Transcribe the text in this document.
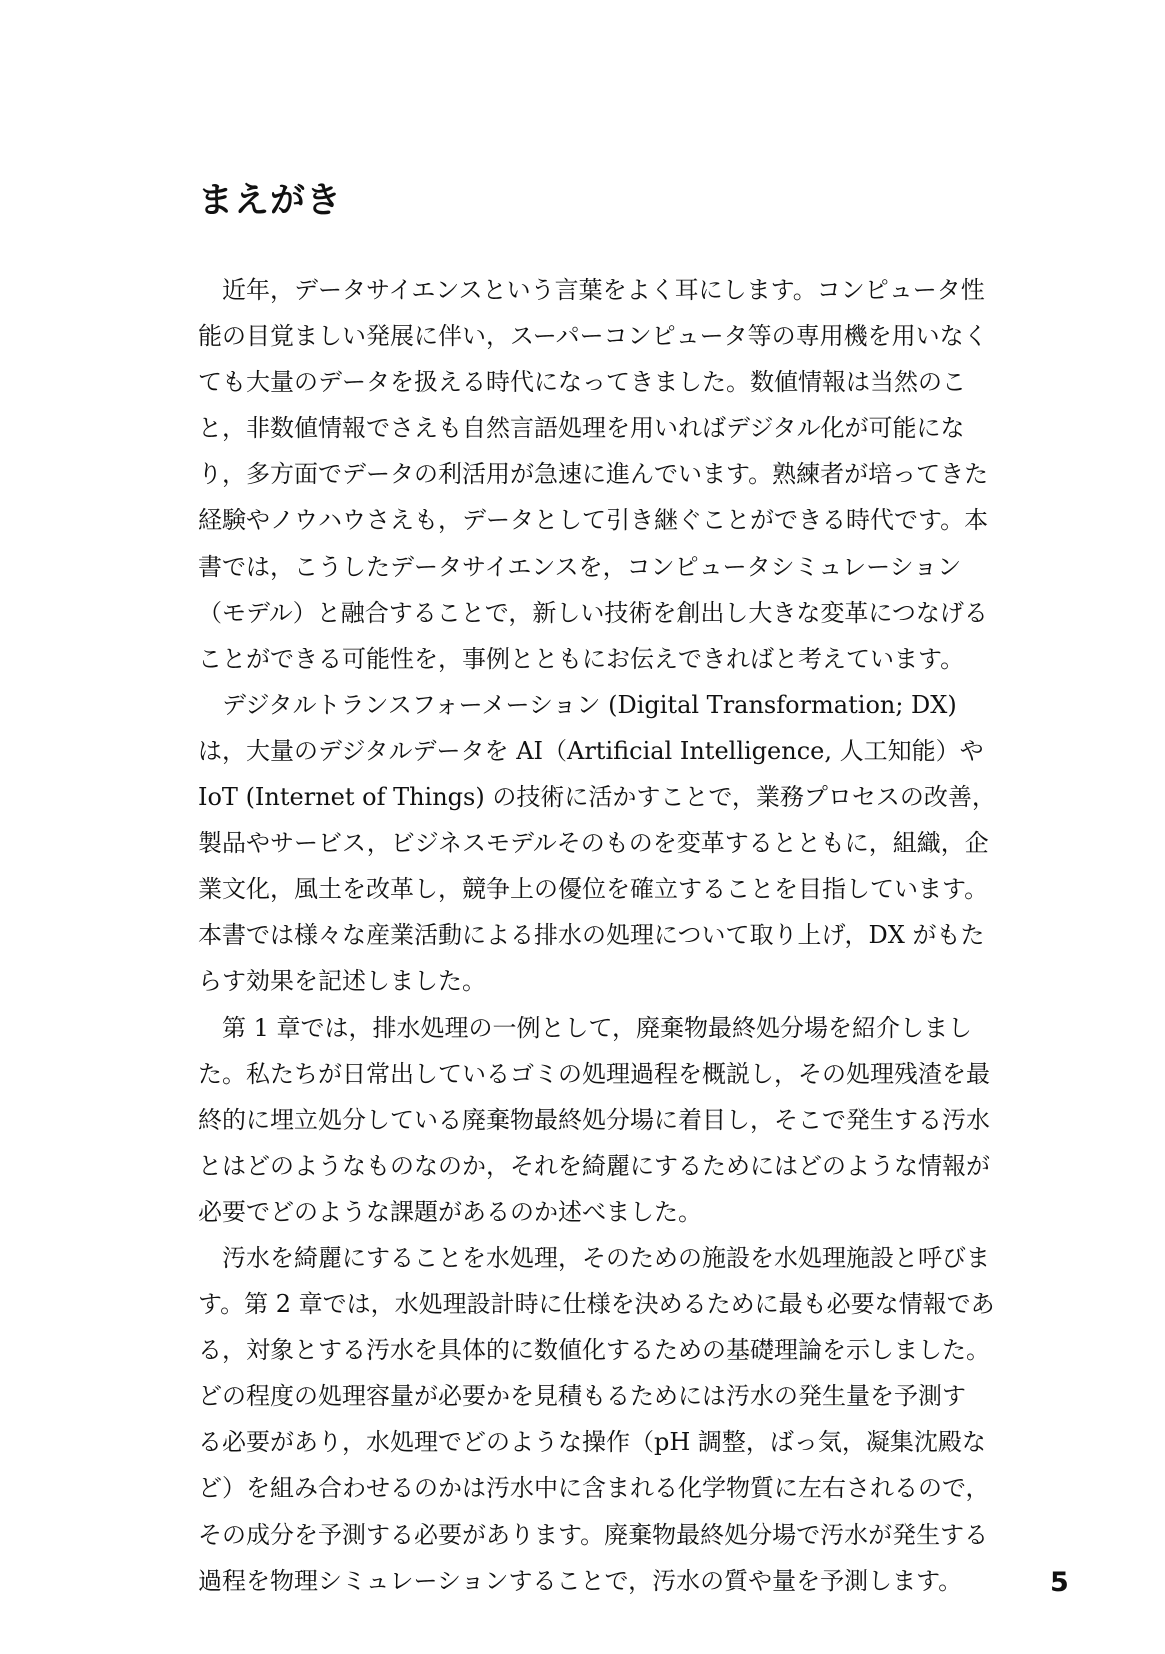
まえがき
　近年，データサイエンスという言葉をよく耳にします。コンピュータ性
能の目覚ましい発展に伴い，スーパーコンピュータ等の専用機を用いなく
ても大量のデータを扱える時代になってきました。数値情報は当然のこ
と，非数値情報でさえも自然言語処理を用いればデジタル化が可能にな
り，多方面でデータの利活用が急速に進んでいます。熟練者が培ってきた
経験やノウハウさえも，データとして引き継ぐことができる時代です。本
書では，こうしたデータサイエンスを，コンピュータシミュレーション
（モデル）と融合することで，新しい技術を創出し大きな変革につなげる
ことができる可能性を，事例とともにお伝えできればと考えています。
　デジタルトランスフォーメーション (Digital Transformation; DX)
は，大量のデジタルデータを AI（Artificial Intelligence, 人工知能）や
IoT (Internet of Things) の技術に活かすことで，業務プロセスの改善，
製品やサービス，ビジネスモデルそのものを変革するとともに，組織，企
業文化，風土を改革し，競争上の優位を確立することを目指しています。
本書では様々な産業活動による排水の処理について取り上げ，DX がもた
らす効果を記述しました。
　第 1 章では，排水処理の一例として，廃棄物最終処分場を紹介しまし
た。私たちが日常出しているゴミの処理過程を概説し，その処理残渣を最
終的に埋立処分している廃棄物最終処分場に着目し，そこで発生する汚水
とはどのようなものなのか，それを綺麗にするためにはどのような情報が
必要でどのような課題があるのか述べました。
　汚水を綺麗にすることを水処理，そのための施設を水処理施設と呼びま
す。第 2 章では，水処理設計時に仕様を決めるために最も必要な情報であ
る，対象とする汚水を具体的に数値化するための基礎理論を示しました。
どの程度の処理容量が必要かを見積もるためには汚水の発生量を予測す
る必要があり，水処理でどのような操作（pH 調整，ばっ気，凝集沈殿な
ど）を組み合わせるのかは汚水中に含まれる化学物質に左右されるので，
その成分を予測する必要があります。廃棄物最終処分場で汚水が発生する
過程を物理シミュレーションすることで，汚水の質や量を予測します。	5
